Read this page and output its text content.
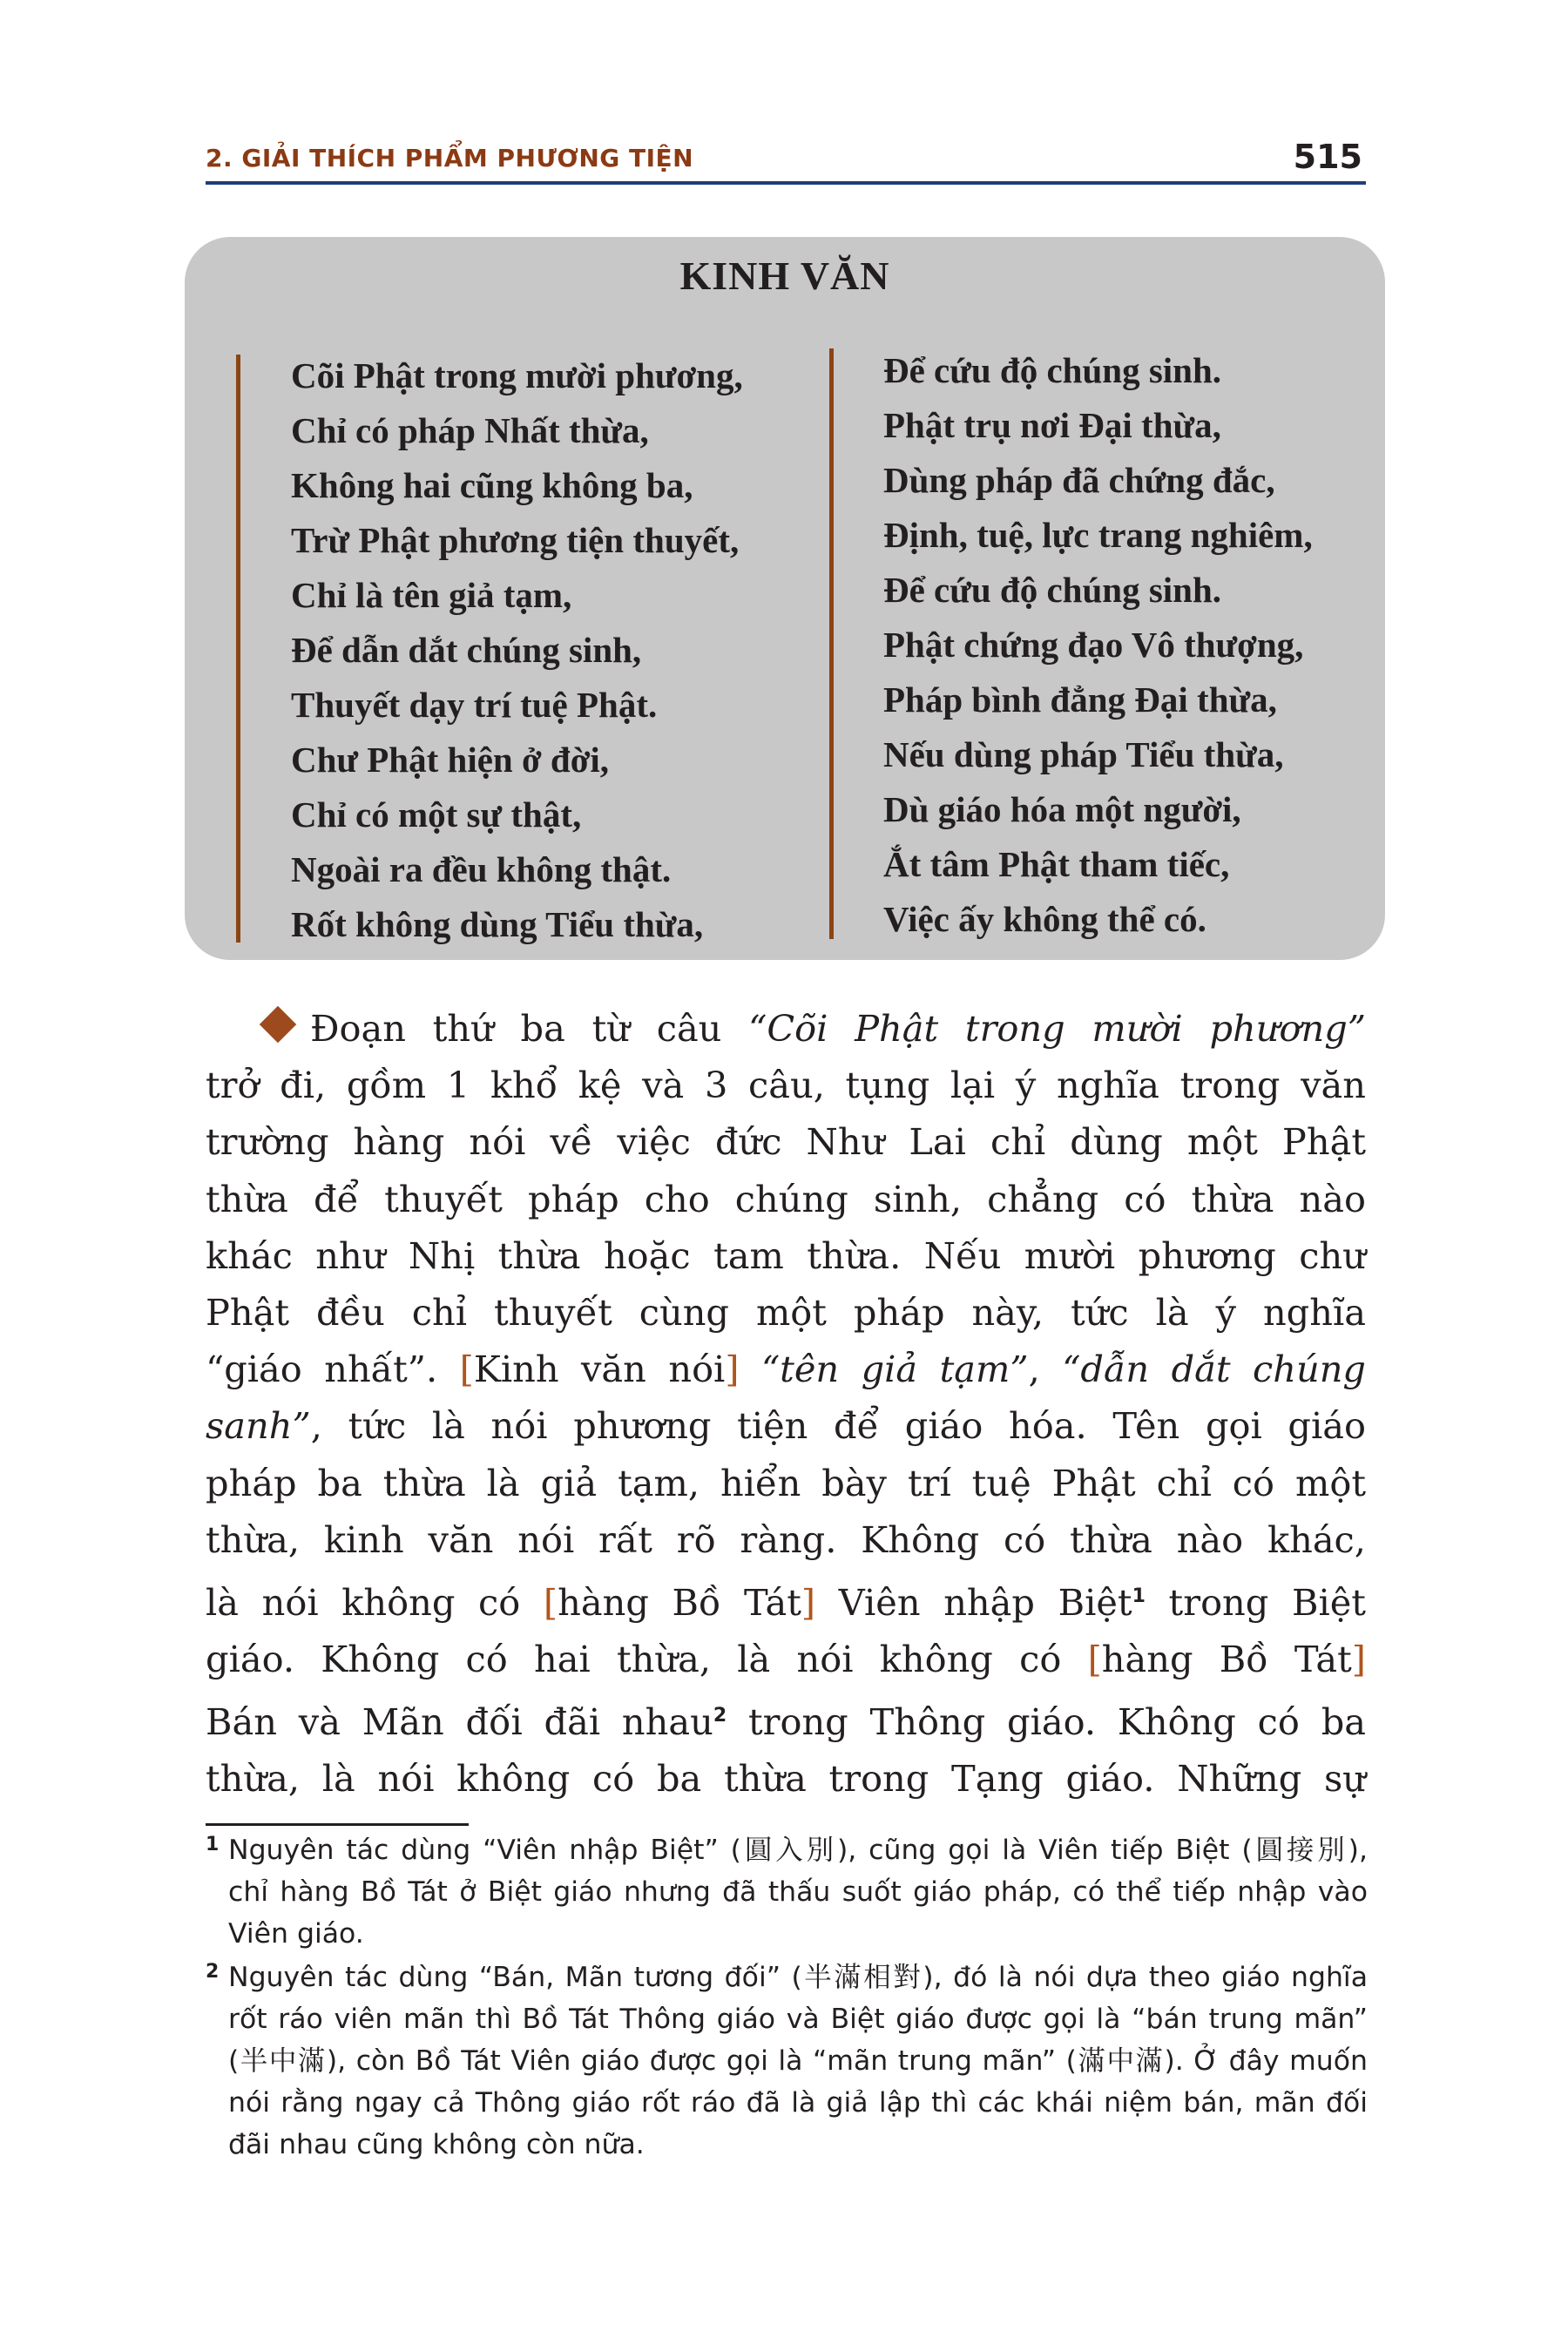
2. GIẢI THÍCH PHẨM PHƯƠNG TIỆN	515
KINH VĂN
Cõi Phật trong mười phương,
Chỉ có pháp Nhất thừa,
Không hai cũng không ba,
Trừ Phật phương tiện thuyết,
Chỉ là tên giả tạm,
Để dẫn dắt chúng sinh,
Thuyết dạy trí tuệ Phật.
Chư Phật hiện ở đời,
Chỉ có một sự thật,
Ngoài ra đều không thật.
Rốt không dùng Tiểu thừa,
Để cứu độ chúng sinh.
Phật trụ nơi Đại thừa,
Dùng pháp đã chứng đắc,
Định, tuệ, lực trang nghiêm,
Để cứu độ chúng sinh.
Phật chứng đạo Vô thượng,
Pháp bình đẳng Đại thừa,
Nếu dùng pháp Tiểu thừa,
Dù giáo hóa một người,
Ắt tâm Phật tham tiếc,
Việc ấy không thể có.
Đoạn thứ ba từ câu “Cõi Phật trong mười phương”
trở đi, gồm 1 khổ kệ và 3 câu, tụng lại ý nghĩa trong văn
trường hàng nói về việc đức Như Lai chỉ dùng một Phật
thừa để thuyết pháp cho chúng sinh, chẳng có thừa nào
khác như Nhị thừa hoặc tam thừa. Nếu mười phương chư
Phật đều chỉ thuyết cùng một pháp này, tức là ý nghĩa
“giáo nhất”. [Kinh văn nói] “tên giả tạm”, “dẫn dắt chúng
sanh”, tức là nói phương tiện để giáo hóa. Tên gọi giáo
pháp ba thừa là giả tạm, hiển bày trí tuệ Phật chỉ có một
thừa, kinh văn nói rất rõ ràng. Không có thừa nào khác,
là nói không có [hàng Bồ Tát] Viên nhập Biệt$^1$ trong Biệt
giáo. Không có hai thừa, là nói không có [hàng Bồ Tát]
Bán và Mãn đối đãi nhau$^2$ trong Thông giáo. Không có ba
thừa, là nói không có ba thừa trong Tạng giáo. Những sự
1 Nguyên tác dùng “Viên nhập Biệt” (圓入別), cũng gọi là Viên tiếp Biệt (圓接別),
chỉ hàng Bồ Tát ở Biệt giáo nhưng đã thấu suốt giáo pháp, có thể tiếp nhập vào
Viên giáo.
2 Nguyên tác dùng “Bán, Mãn tương đối” (半滿相對), đó là nói dựa theo giáo nghĩa
rốt ráo viên mãn thì Bồ Tát Thông giáo và Biệt giáo được gọi là “bán trung mãn”
(半中滿), còn Bồ Tát Viên giáo được gọi là “mãn trung mãn” (滿中滿). Ở đây muốn
nói rằng ngay cả Thông giáo rốt ráo đã là giả lập thì các khái niệm bán, mãn đối
đãi nhau cũng không còn nữa.
